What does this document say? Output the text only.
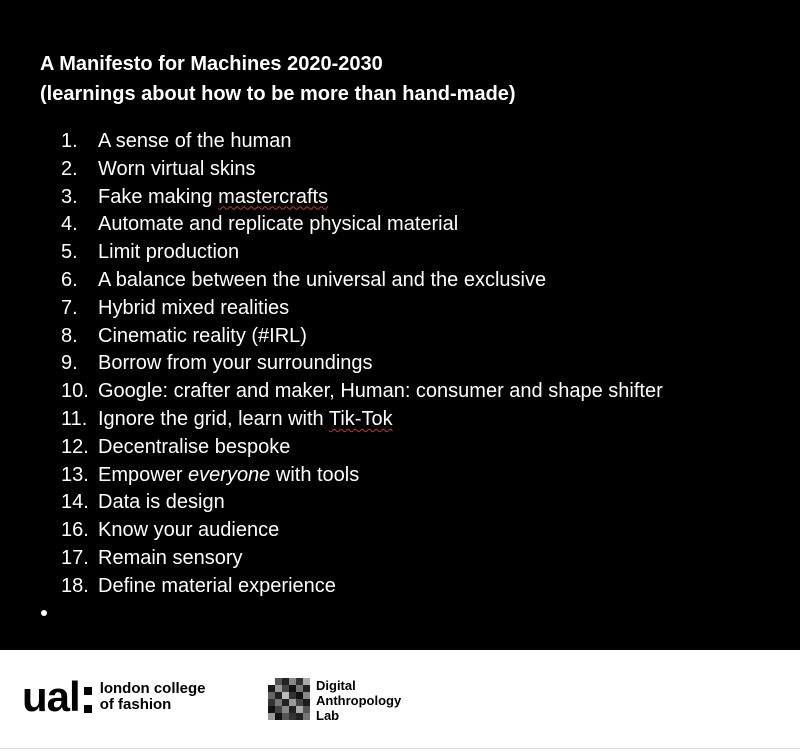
A Manifesto for Machines 2020-2030
(learnings about how to be more than hand-made)
1.	A sense of the human
2.	Worn virtual skins
3.	Fake making mastercrafts
4.	Automate and replicate physical material
5.	Limit production
6.	A balance between the universal and the exclusive
7.	Hybrid mixed realities
8.	Cinematic reality (#IRL)
9.	Borrow from your surroundings
10. Google: crafter and maker, Human: consumer and shape shifter
11. Ignore the grid, learn with Tik-Tok
12. Decentralise bespoke
13. Empower everyone with tools
14. Data is design
16. Know your audience
17. Remain sensory
18. Define material experience
ual london college
of fashion
Digital
Anthropology
Lab
